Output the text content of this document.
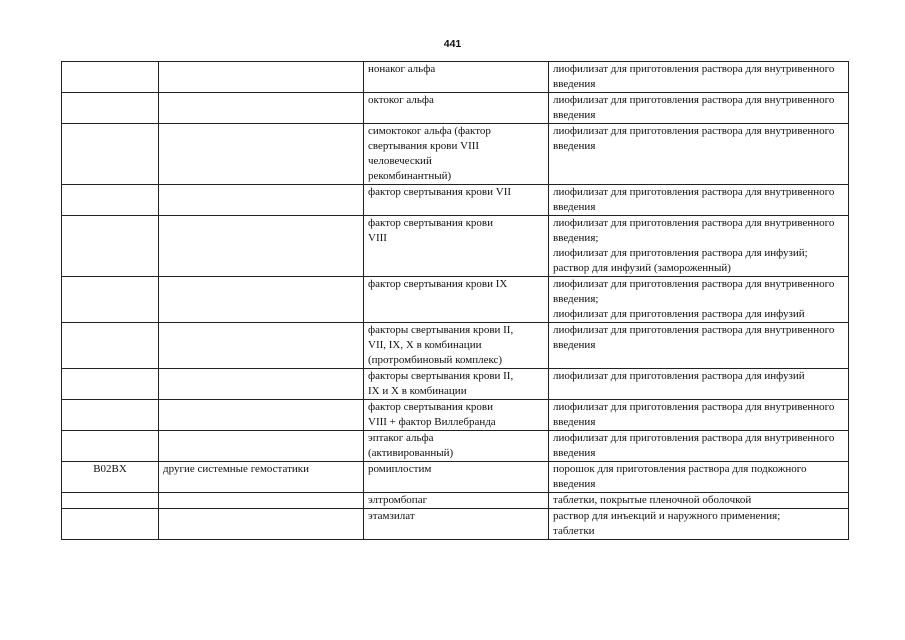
441
		нонаког альфа	лиофилизат для приготовления раствора для внутривенного введения
		октоког альфа	лиофилизат для приготовления раствора для внутривенного введения
		симоктоког альфа (фактор
свертывания крови VIII
человеческий
рекомбинантный)	лиофилизат для приготовления раствора для внутривенного введения
		фактор свертывания крови VII	лиофилизат для приготовления раствора для внутривенного введения
		фактор свертывания крови
VIII	лиофилизат для приготовления раствора для внутривенного введения;
лиофилизат для приготовления раствора для инфузий;
раствор для инфузий (замороженный)
		фактор свертывания крови IX	лиофилизат для приготовления раствора для внутривенного введения;
лиофилизат для приготовления раствора для инфузий
		факторы свертывания крови II,
VII, IX, X в комбинации
(протромбиновый комплекс)	лиофилизат для приготовления раствора для внутривенного введения
		факторы свертывания крови II,
IX и X в комбинации	лиофилизат для приготовления раствора для инфузий
		фактор свертывания крови
VIII + фактор Виллебранда	лиофилизат для приготовления раствора для внутривенного введения
		эптаког альфа
(активированный)	лиофилизат для приготовления раствора для внутривенного введения
B02BX	другие системные гемостатики	ромиплостим	порошок для приготовления раствора для подкожного введения
		элтромбопаг	таблетки, покрытые пленочной оболочкой
		этамзилат	раствор для инъекций и наружного применения;
таблетки
